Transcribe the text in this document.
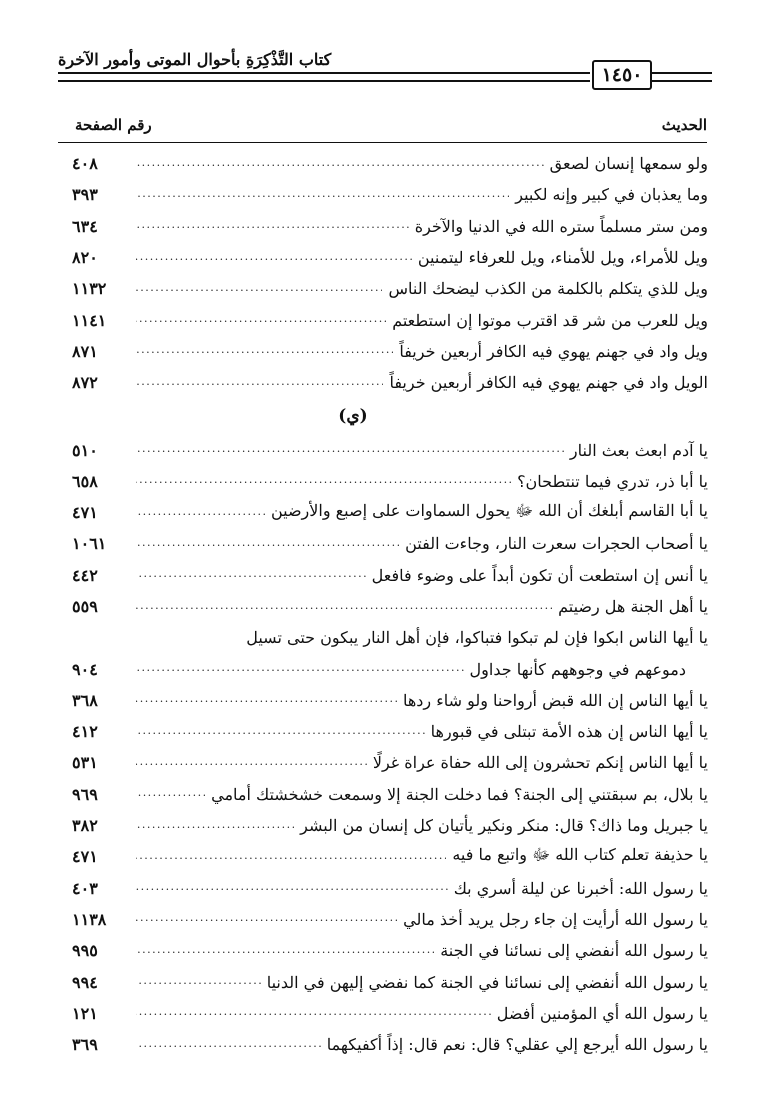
كتاب التَّذْكِرَةِ بأحوال الموتى وأمور الآخرة
١٤٥٠
الحديث
رقم الصفحة
ولو سمعها إنسان لصعق
. . .
٤٠٨
وما يعذبان في كبير وإنه لكبير
. . .
٣٩٣
ومن ستر مسلماً ستره الله في الدنيا والآخرة
. . .
٦٣٤
ويل للأمراء، ويل للأمناء، ويل للعرفاء ليتمنين
. . .
٨٢٠
ويل للذي يتكلم بالكلمة من الكذب ليضحك الناس
. . .
١١٣٢
ويل للعرب من شر قد اقترب موتوا إن استطعتم
. . .
١١٤١
ويل واد في جهنم يهوي فيه الكافر أربعين خريفاً
. . .
٨٧١
الويل واد في جهنم يهوي فيه الكافر أربعين خريفاً
. . .
٨٧٢
(ي)
يا آدم ابعث بعث النار
. . .
٥١٠
يا أبا ذر، تدري فيما تنتطحان؟
. . .
٦٥٨
يا أبا القاسم أبلغك أن الله ﷻ يحول السماوات على إصبع والأرضين
. . .
٤٧١
يا أصحاب الحجرات سعرت النار، وجاءت الفتن
. . .
١٠٦١
يا أنس إن استطعت أن تكون أبداً على وضوء فافعل
. . .
٤٤٢
يا أهل الجنة هل رضيتم
. . .
٥٥٩
يا أيها الناس ابكوا فإن لم تبكوا فتباكوا، فإن أهل النار يبكون حتى تسيل
دموعهم في وجوههم كأنها جداول
. . .
٩٠٤
يا أيها الناس إن الله قبض أرواحنا ولو شاء ردها
. . .
٣٦٨
يا أيها الناس إن هذه الأمة تبتلى في قبورها
. . .
٤١٢
يا أيها الناس إنكم تحشرون إلى الله حفاة عراة غرلًا
. . .
٥٣١
يا بلال، بم سبقتني إلى الجنة؟ فما دخلت الجنة إلا وسمعت خشخشتك أمامي
. . .
٩٦٩
يا جبريل وما ذاك؟ قال: منكر ونكير يأتيان كل إنسان من البشر
. . .
٣٨٢
يا حذيفة تعلم كتاب الله ﷻ واتبع ما فيه
. . .
٤٧١
يا رسول الله: أخبرنا عن ليلة أسري بك
. . .
٤٠٣
يا رسول الله أرأيت إن جاء رجل يريد أخذ مالي
. . .
١١٣٨
يا رسول الله أنفضي إلى نسائنا في الجنة
. . .
٩٩٥
يا رسول الله أنفضي إلى نسائنا في الجنة كما نفضي إليهن في الدنيا
. . .
٩٩٤
يا رسول الله أي المؤمنين أفضل
. . .
١٢١
يا رسول الله أيرجع إلي عقلي؟ قال: نعم قال: إذاً أكفيكهما
. . .
٣٦٩
